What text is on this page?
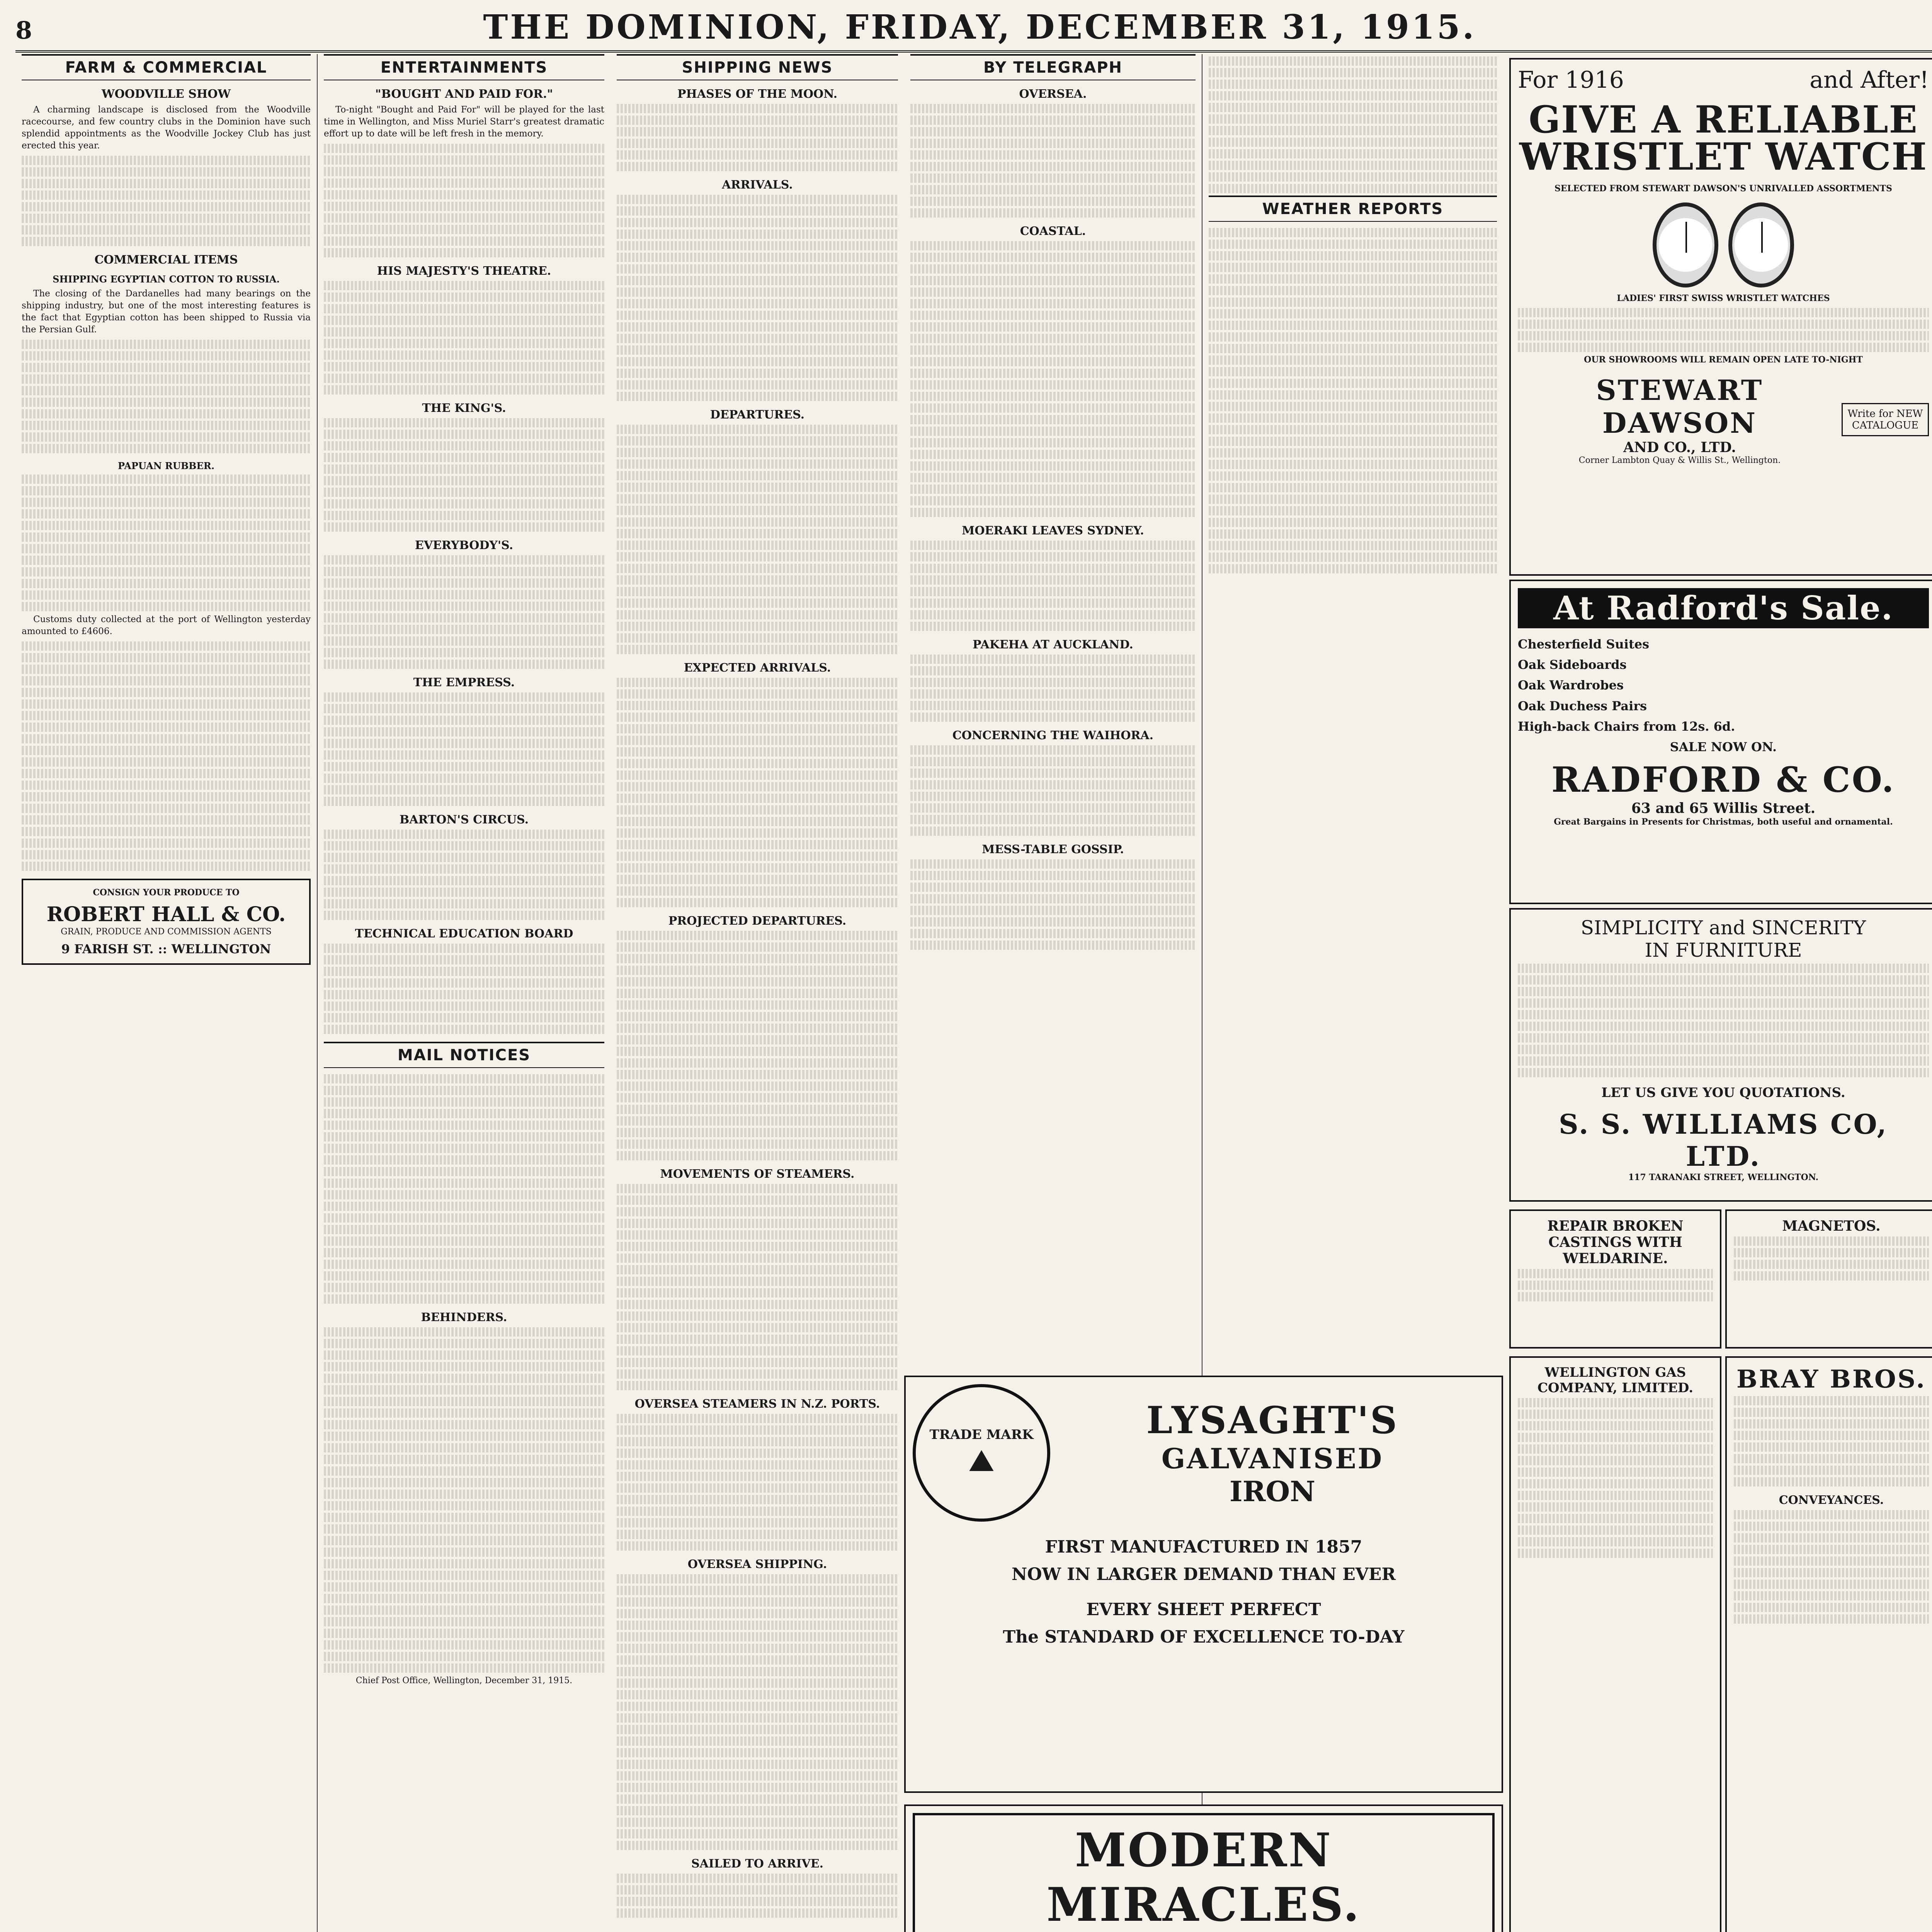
8	THE DOMINION, FRIDAY, DECEMBER 31, 1915.
FARM & COMMERCIAL
WOODVILLE SHOW

A charming landscape is disclosed from the Woodville racecourse, and few country clubs in the Dominion have such splendid appointments as the Woodville Jockey Club has just erected this year.

COMMERCIAL ITEMS
SHIPPING EGYPTIAN COTTON TO RUSSIA.

The closing of the Dardanelles had many bearings on the shipping industry, but one of the most interesting features is the fact that Egyptian cotton has been shipped to Russia via the Persian Gulf.

PAPUAN RUBBER.

Customs duty collected at the port of Wellington yesterday amounted to £4606.

CONSIGN YOUR PRODUCE TO

ROBERT HALL & CO.

GRAIN, PRODUCE AND COMMISSION AGENTS

9 FARISH ST. :: WELLINGTON
ENTERTAINMENTS
"BOUGHT AND PAID FOR."

To-night "Bought and Paid For" will be played for the last time in Wellington, and Miss Muriel Starr's greatest dramatic effort up to date will be left fresh in the memory.

HIS MAJESTY'S THEATRE.
THE KING'S.
EVERYBODY'S.
THE EMPRESS.
BARTON'S CIRCUS.
TECHNICAL EDUCATION BOARD
MAIL NOTICES
BEHINDERS.

Chief Post Office, Wellington, December 31, 1915.

SHIPPING NEWS
PHASES OF THE MOON.
ARRIVALS.
DEPARTURES.
EXPECTED ARRIVALS.
PROJECTED DEPARTURES.
MOVEMENTS OF STEAMERS.
OVERSEA STEAMERS IN N.Z. PORTS.
OVERSEA SHIPPING.
SAILED TO ARRIVE.
BY TELEGRAPH
OVERSEA.
COASTAL.
MOERAKI LEAVES SYDNEY.
PAKEHA AT AUCKLAND.
CONCERNING THE WAIHORA.
MESS-TABLE GOSSIP.
WEATHER REPORTS
TRADE MARK
⛰
LYSAGHT'S
GALVANISED
IRON
FIRST MANUFACTURED IN 1857
NOW IN LARGER DEMAND THAN EVER
EVERY SHEET PERFECT
The STANDARD OF EXCELLENCE TO-DAY
MODERN MIRACLES.

For 1916	and After!
GIVE A RELIABLE WRISTLET WATCH

SELECTED FROM STEWART DAWSON'S UNRIVALLED ASSORTMENTS

LADIES' FIRST SWISS WRISTLET WATCHES

OUR SHOWROOMS WILL REMAIN OPEN LATE TO-NIGHT

STEWART DAWSON
AND CO., LTD.
Corner Lambton Quay & Willis St., Wellington.
Write for NEW CATALOGUE
At Radford's Sale.

Chesterfield Suites

Oak Sideboards

Oak Wardrobes

Oak Duchess Pairs

High-back Chairs from 12s. 6d.

SALE NOW ON.

RADFORD & CO.
63 and 65 Willis Street.

Great Bargains in Presents for Christmas, both useful and ornamental.

SIMPLICITY and SINCERITY
IN FURNITURE
LET US GIVE YOU QUOTATIONS.
S. S. WILLIAMS CO, LTD.
117 TARANAKI STREET, WELLINGTON.
REPAIR BROKEN CASTINGS WITH WELDARINE.
MAGNETOS.
WELLINGTON GAS COMPANY, LIMITED.	BRAY BROS.
CONVEYANCES.
